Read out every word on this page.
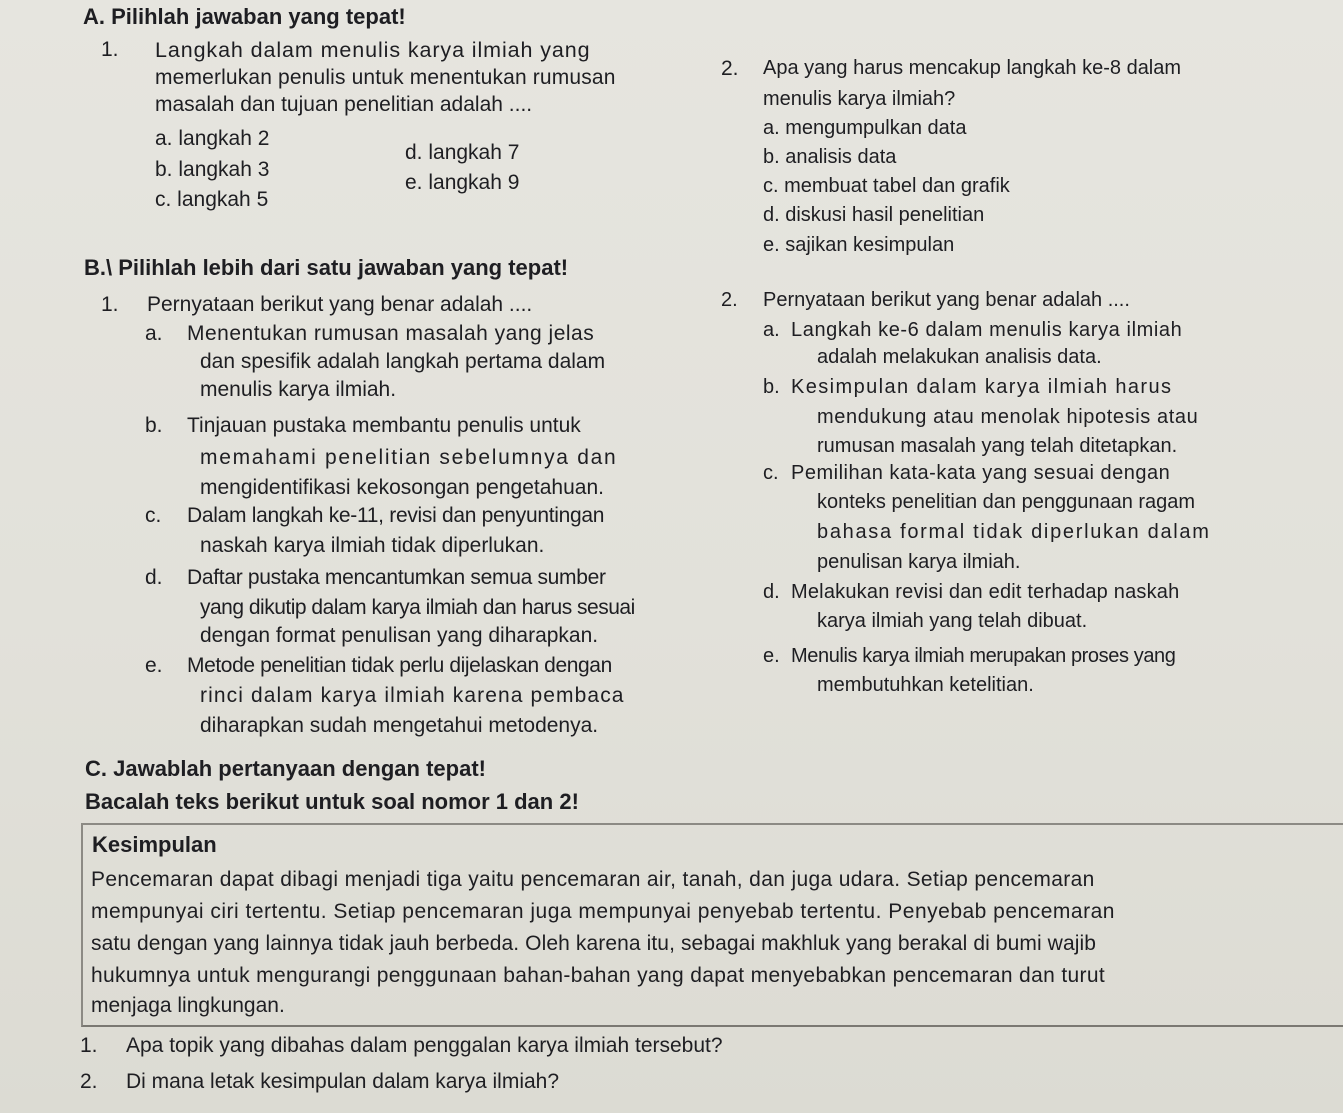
A. Pilihlah jawaban yang tepat!
1. Langkah dalam menulis karya ilmiah yang
memerlukan penulis untuk menentukan rumusan
masalah dan tujuan penelitian adalah ....
a. langkah 2
b. langkah 3
c. langkah 5
d. langkah 7
e. langkah 9
2. Apa yang harus mencakup langkah ke-8 dalam
menulis karya ilmiah?
a. mengumpulkan data
b. analisis data
c. membuat tabel dan grafik
d. diskusi hasil penelitian
e. sajikan kesimpulan
B.\ Pilihlah lebih dari satu jawaban yang tepat!
1. Pernyataan berikut yang benar adalah ....
a. Menentukan rumusan masalah yang jelas
dan spesifik adalah langkah pertama dalam
menulis karya ilmiah.
b. Tinjauan pustaka membantu penulis untuk
memahami penelitian sebelumnya dan
mengidentifikasi kekosongan pengetahuan.
c. Dalam langkah ke-11, revisi dan penyuntingan
naskah karya ilmiah tidak diperlukan.
d. Daftar pustaka mencantumkan semua sumber
yang dikutip dalam karya ilmiah dan harus sesuai
dengan format penulisan yang diharapkan.
e. Metode penelitian tidak perlu dijelaskan dengan
rinci dalam karya ilmiah karena pembaca
diharapkan sudah mengetahui metodenya.
2. Pernyataan berikut yang benar adalah ....
a. Langkah ke-6 dalam menulis karya ilmiah
adalah melakukan analisis data.
b. Kesimpulan dalam karya ilmiah harus
mendukung atau menolak hipotesis atau
rumusan masalah yang telah ditetapkan.
c. Pemilihan kata-kata yang sesuai dengan
konteks penelitian dan penggunaan ragam
bahasa formal tidak diperlukan dalam
penulisan karya ilmiah.
d. Melakukan revisi dan edit terhadap naskah
karya ilmiah yang telah dibuat.
e. Menulis karya ilmiah merupakan proses yang
membutuhkan ketelitian.
C. Jawablah pertanyaan dengan tepat!
Bacalah teks berikut untuk soal nomor 1 dan 2!
Kesimpulan
Pencemaran dapat dibagi menjadi tiga yaitu pencemaran air, tanah, dan juga udara. Setiap pencemaran
mempunyai ciri tertentu. Setiap pencemaran juga mempunyai penyebab tertentu. Penyebab pencemaran
satu dengan yang lainnya tidak jauh berbeda. Oleh karena itu, sebagai makhluk yang berakal di bumi wajib
hukumnya untuk mengurangi penggunaan bahan-bahan yang dapat menyebabkan pencemaran dan turut
menjaga lingkungan.
1. Apa topik yang dibahas dalam penggalan karya ilmiah tersebut?
2. Di mana letak kesimpulan dalam karya ilmiah?
